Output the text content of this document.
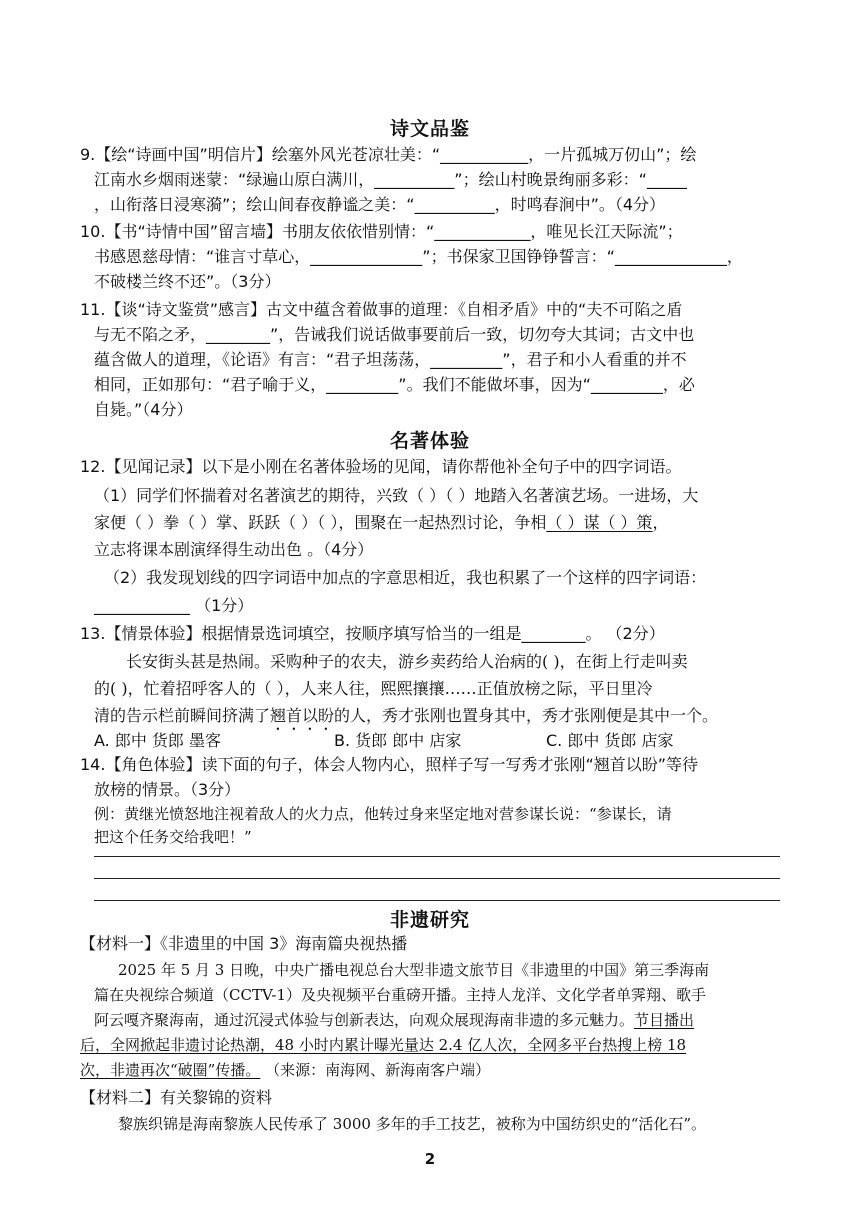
诗文品鉴
9.【绘“诗画中国”明信片】绘塞外风光苍凉壮美：“___________，一片孤城万仞山”；绘
江南水乡烟雨迷蒙：“绿遍山原白满川，__________”；绘山村晚景绚丽多彩：“_____
，山衔落日浸寒漪”；绘山间春夜静谧之美：“__________，时鸣春涧中”。（4分）
10.【书“诗情中国”留言墙】书朋友依依惜别情：“____________，唯见长江天际流”；
书感恩慈母情：“谁言寸草心，______________”；书保家卫国铮铮誓言：“______________，
不破楼兰终不还”。（3分）
11.【谈“诗文鉴赏”感言】古文中蕴含着做事的道理：《自相矛盾》中的“夫不可陷之盾
与无不陷之矛，________”，告诫我们说话做事要前后一致，切勿夸大其词；古文中也
蕴含做人的道理，《论语》有言：“君子坦荡荡，_________”，君子和小人看重的并不
相同，正如那句：“君子喻于义，_________”。我们不能做坏事，因为“_________，必
自毙。”（4分）
名著体验
12.【见闻记录】以下是小刚在名著体验场的见闻，请你帮他补全句子中的四字词语。
（1）同学们怀揣着对名著演艺的期待，兴致（ ）（ ）地踏入名著演艺场。一进场，大
家便（ ）拳（ ）掌、跃跃（ ）（ ），围聚在一起热烈讨论，争相（ ）谋（ ）策，
立志将课本剧演绎得生动出色 。（4分）
（2）我发现划线的四字词语中加点的字意思相近，我也积累了一个这样的四字词语：
____________ （1分）
13.【情景体验】根据情景选词填空，按顺序填写恰当的一组是________。 （2分）
长安街头甚是热闹。采购种子的农夫，游乡卖药给人治病的( )，在街上行走叫卖
的( )，忙着招呼客人的（ ），人来人往，熙熙攘攘……正值放榜之际，平日里冷
清的告示栏前瞬间挤满了翘首以盼的人，秀才张刚也置身其中，秀才张刚便是其中一个。
A. 郎中 货郎 墨客	B. 货郎 郎中 店家	C. 郎中 货郎 店家
14.【角色体验】读下面的句子，体会人物内心，照样子写一写秀才张刚“翘首以盼”等待
放榜的情景。（3分）
例：黄继光愤怒地注视着敌人的火力点，他转过身来坚定地对营参谋长说：“参谋长，请
把这个任务交给我吧！”
非遗研究
【材料一】《非遗里的中国 3》海南篇央视热播
2025 年 5 月 3 日晚，中央广播电视总台大型非遗文旅节目《非遗里的中国》第三季海南
篇在央视综合频道（CCTV-1）及央视频平台重磅开播。主持人龙洋、文化学者单霁翔、歌手
阿云嘎齐聚海南，通过沉浸式体验与创新表达，向观众展现海南非遗的多元魅力。节目播出
后，全网掀起非遗讨论热潮，48 小时内累计曝光量达 2.4 亿人次，全网多平台热搜上榜 18
次，非遗再次“破圈”传播。 （来源：南海网、新海南客户端）
【材料二】有关黎锦的资料
黎族织锦是海南黎族人民传承了 3000 多年的手工技艺，被称为中国纺织史的“活化石”。
2
